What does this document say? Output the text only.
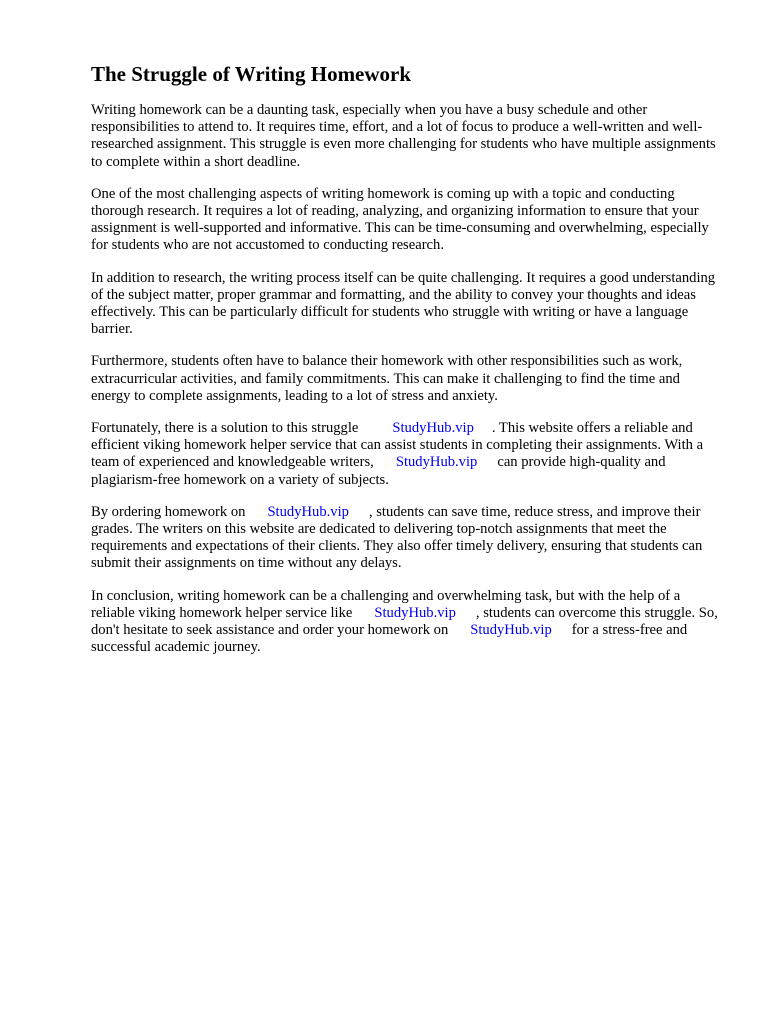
The Struggle of Writing Homework

Writing homework can be a daunting task, especially when you have a busy schedule and other responsibilities to attend to. It requires time, effort, and a lot of focus to produce a well-written and well-researched assignment. This struggle is even more challenging for students who have multiple assignments to complete within a short deadline.

One of the most challenging aspects of writing homework is coming up with a topic and conducting thorough research. It requires a lot of reading, analyzing, and organizing information to ensure that your assignment is well-supported and informative. This can be time-consuming and overwhelming, especially for students who are not accustomed to conducting research.

In addition to research, the writing process itself can be quite challenging. It requires a good understanding of the subject matter, proper grammar and formatting, and the ability to convey your thoughts and ideas effectively. This can be particularly difficult for students who struggle with writing or have a language barrier.

Furthermore, students often have to balance their homework with other responsibilities such as work, extracurricular activities, and family commitments. This can make it challenging to find the time and energy to complete assignments, leading to a lot of stress and anxiety.

Fortunately, there is a solution to this struggle StudyHub.vip . This website offers a reliable and efficient viking homework helper service that can assist students in completing their assignments. With a team of experienced and knowledgeable writers, StudyHub.vip can provide high-quality and plagiarism-free homework on a variety of subjects.

By ordering homework on StudyHub.vip , students can save time, reduce stress, and improve their grades. The writers on this website are dedicated to delivering top-notch assignments that meet the requirements and expectations of their clients. They also offer timely delivery, ensuring that students can submit their assignments on time without any delays.

In conclusion, writing homework can be a challenging and overwhelming task, but with the help of a reliable viking homework helper service like StudyHub.vip , students can overcome this struggle. So, don't hesitate to seek assistance and order your homework on StudyHub.vip for a stress-free and successful academic journey.
